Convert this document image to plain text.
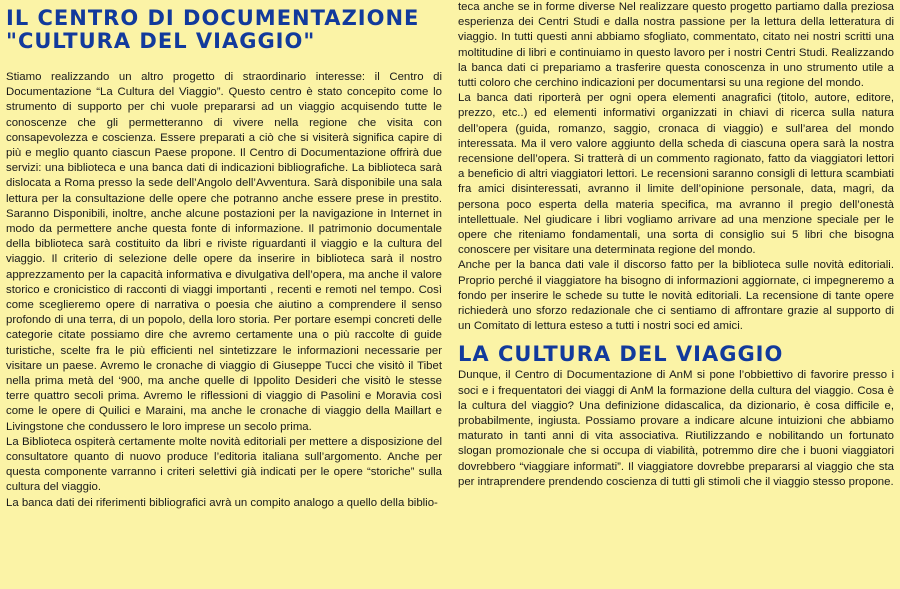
IL CENTRO DI DOCUMENTAZIONE
"CULTURA DEL VIAGGIO"

Stiamo realizzando un altro progetto di straordinario interesse: il Centro di Documentazione “La Cultura del Viaggio”. Questo centro è stato concepito come lo strumento di supporto per chi vuole prepararsi ad un viaggio acquisendo tutte le conoscenze che gli permetteranno di vivere nella regione che visita con consapevolezza e coscienza. Essere preparati a ciò che si visiterà significa capire di più e meglio quanto ciascun Paese propone. Il Centro di Documentazione offrirà due servizi: una biblioteca e una banca dati di indicazioni bibliografiche. La biblioteca sarà dislocata a Roma presso la sede dell’Angolo dell’Avventura. Sarà disponibile una sala lettura per la consultazione delle opere che potranno anche essere prese in prestito. Saranno Disponibili, inoltre, anche alcune postazioni per la navigazione in Internet in modo da permettere anche questa fonte di informazione. Il patrimonio documentale della biblioteca sarà costituito da libri e riviste riguardanti il viaggio e la cultura del viaggio. Il criterio di selezione delle opere da inserire in biblioteca sarà il nostro apprezzamento per la capacità informativa e divulgativa dell’opera, ma anche il valore storico e cronicistico di racconti di viaggi importanti , recenti e remoti nel tempo. Così come sceglieremo opere di narrativa o poesia che aiutino a comprendere il senso profondo di una terra, di un popolo, della loro storia. Per portare esempi concreti delle categorie citate possiamo dire che avremo certamente una o più raccolte di guide turistiche, scelte fra le più efficienti nel sintetizzare le informazioni necessarie per visitare un paese. Avremo le cronache di viaggio di Giuseppe Tucci che visitò il Tibet nella prima metà del ‘900, ma anche quelle di Ippolito Desideri che visitò le stesse terre quattro secoli prima. Avremo le riflessioni di viaggio di Pasolini e Moravia così come le opere di Quilici e Maraini, ma anche le cronache di viaggio della Maillart e Livingstone che condussero le loro imprese un secolo prima.

La Biblioteca ospiterà certamente molte novità editoriali per mettere a disposizione del consultatore quanto di nuovo produce l’editoria italiana sull’argomento. Anche per questa componente varranno i criteri selettivi già indicati per le opere “storiche” sulla cultura del viaggio.

La banca dati dei riferimenti bibliografici avrà un compito analogo a quello della biblio-

teca anche se in forme diverse Nel realizzare questo progetto partiamo dalla preziosa esperienza dei Centri Studi e dalla nostra passione per la lettura della letteratura di viaggio. In tutti questi anni abbiamo sfogliato, commentato, citato nei nostri scritti una moltitudine di libri e continuiamo in questo lavoro per i nostri Centri Studi. Realizzando la banca dati ci prepariamo a trasferire questa conoscenza in uno strumento utile a tutti coloro che cerchino indicazioni per documentarsi su una regione del mondo.

La banca dati riporterà per ogni opera elementi anagrafici (titolo, autore, editore, prezzo, etc..) ed elementi informativi organizzati in chiavi di ricerca sulla natura dell’opera (guida, romanzo, saggio, cronaca di viaggio) e sull’area del mondo interessata. Ma il vero valore aggiunto della scheda di ciascuna opera sarà la nostra recensione dell’opera. Si tratterà di un commento ragionato, fatto da viaggiatori lettori a beneficio di altri viaggiatori lettori. Le recensioni saranno consigli di lettura scambiati fra amici disinteressati, avranno il limite dell’opinione personale, data, magri, da persona poco esperta della materia specifica, ma avranno il pregio dell’onestà intellettuale. Nel giudicare i libri vogliamo arrivare ad una menzione speciale per le opere che riteniamo fondamentali, una sorta di consiglio sui 5 libri che bisogna conoscere per visitare una determinata regione del mondo.

Anche per la banca dati vale il discorso fatto per la biblioteca sulle novità editoriali. Proprio perché il viaggiatore ha bisogno di informazioni aggiornate, ci impegneremo a fondo per inserire le schede su tutte le novità editoriali. La recensione di tante opere richiederà uno sforzo redazionale che ci sentiamo di affrontare grazie al supporto di un Comitato di lettura esteso a tutti i nostri soci ed amici.

LA CULTURA DEL VIAGGIO

Dunque, il Centro di Documentazione di AnM si pone l’obbiettivo di favorire presso i soci e i frequentatori dei viaggi di AnM la formazione della cultura del viaggio. Cosa è la cultura del viaggio? Una definizione didascalica, da dizionario, è cosa difficile e, probabilmente, ingiusta. Possiamo provare a indicare alcune intuizioni che abbiamo maturato in tanti anni di vita associativa. Riutilizzando e nobilitando un fortunato slogan promozionale che si occupa di viabilità, potremmo dire che i buoni viaggiatori dovrebbero “viaggiare informati”. Il viaggiatore dovrebbe prepararsi al viaggio che sta per intraprendere prendendo coscienza di tutti gli stimoli che il viaggio stesso propone.
